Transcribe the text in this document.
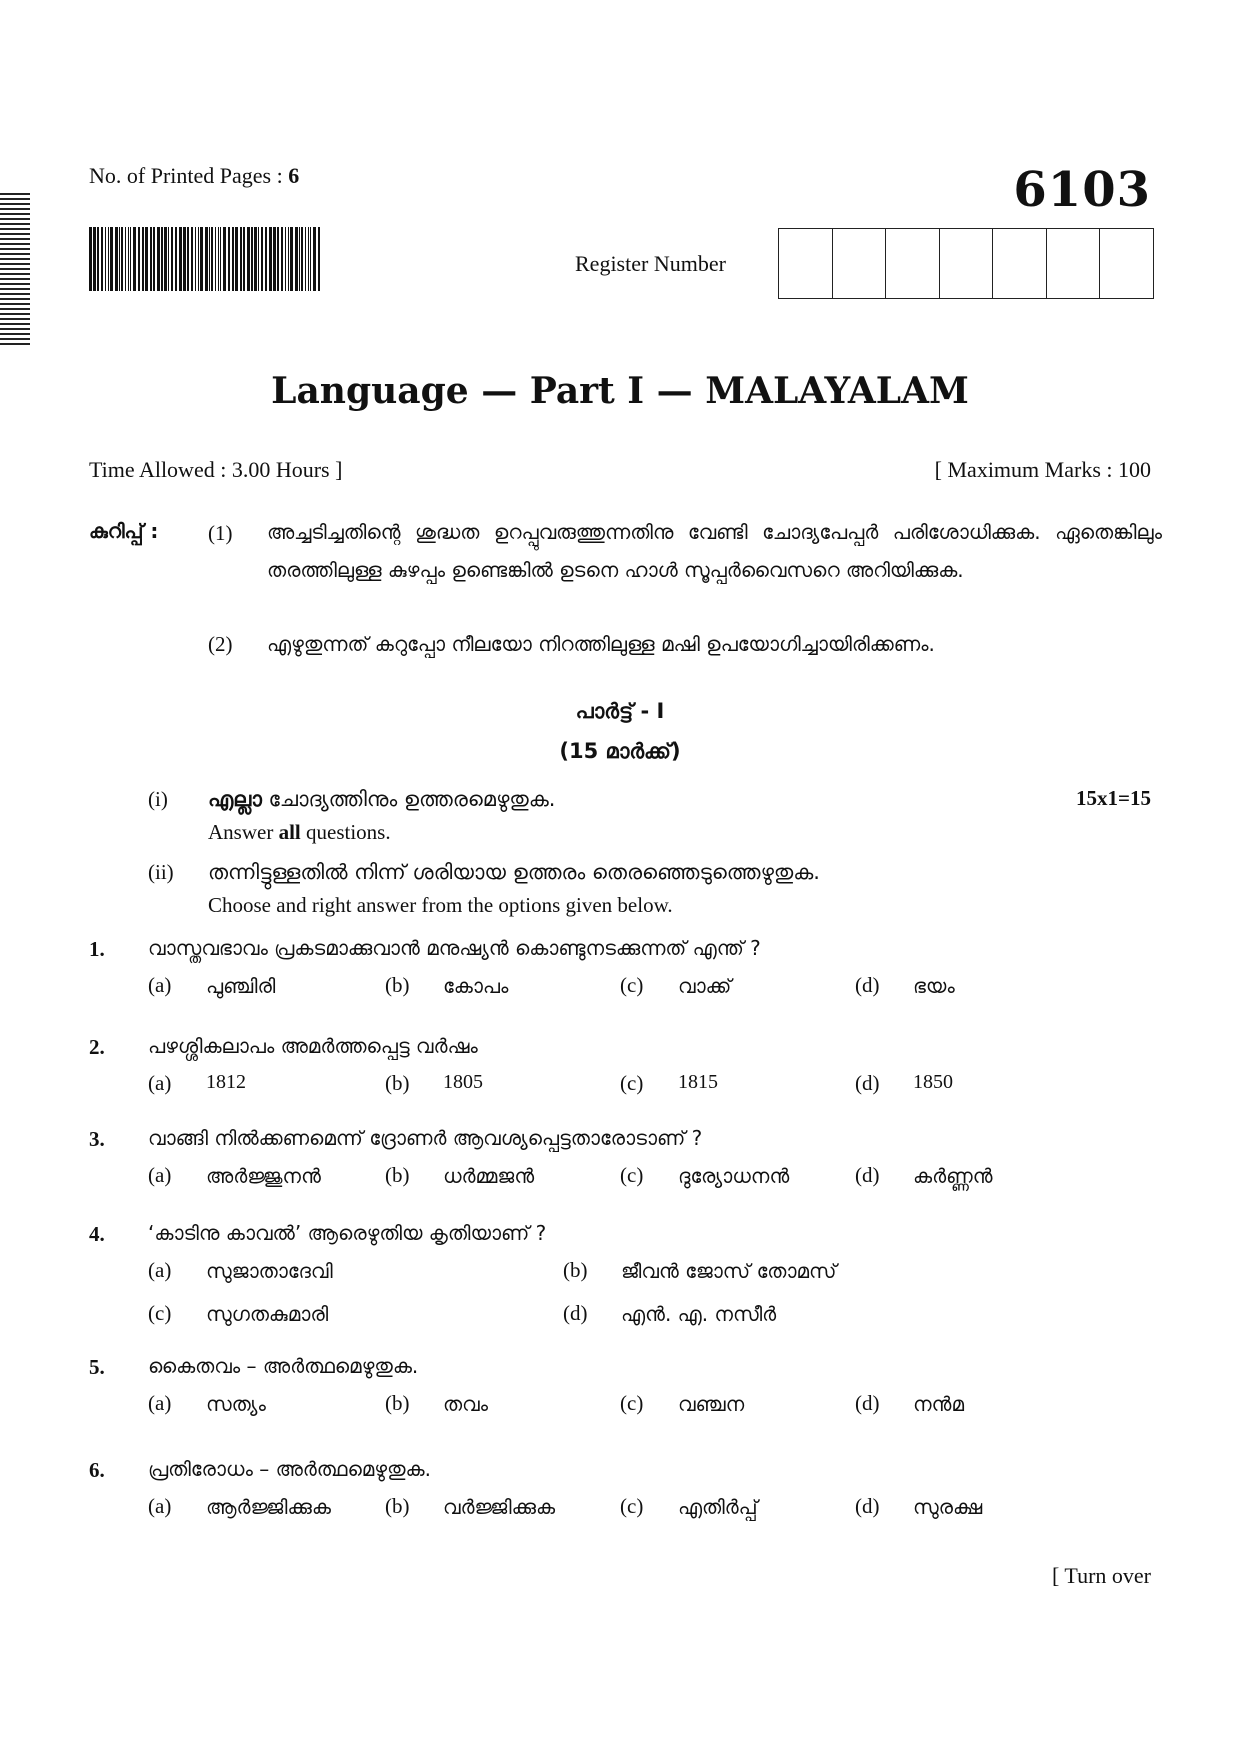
No. of Printed Pages : 6	6103
Register Number
Language — Part I — MALAYALAM
Time Allowed : 3.00 Hours ]	[ Maximum Marks : 100
കുറിപ്പ് : (1) അച്ചടിച്ചതിന്റെ ശുദ്ധത ഉറപ്പുവരുത്തുന്നതിനു വേണ്ടി ചോദ്യപേപ്പർ പരിശോധിക്കുക. ഏതെങ്കിലും തരത്തിലുള്ള കുഴപ്പം ഉണ്ടെങ്കിൽ ഉടനെ ഹാൾ സൂപ്പർവൈസറെ അറിയിക്കുക.
(2) എഴുതുന്നത് കറുപ്പോ നീലയോ നിറത്തിലുള്ള മഷി ഉപയോഗിച്ചായിരിക്കണം.
പാർട്ട് - I
(15 മാർക്ക്)
(i) എല്ലാ ചോദ്യത്തിനും ഉത്തരമെഴുതുക.
Answer all questions.
15x1=15
(ii) തന്നിട്ടുള്ളതിൽ നിന്ന് ശരിയായ ഉത്തരം തെരഞ്ഞെടുത്തെഴുതുക.
Choose and right answer from the options given below.
1. വാസ്തവഭാവം പ്രകടമാക്കുവാൻ മനുഷ്യൻ കൊണ്ടുനടക്കുന്നത് എന്ത് ?
(a) പുഞ്ചിരി	(b) കോപം	(c) വാക്ക്	(d) ഭയം
2. പഴശ്ശികലാപം അമർത്തപ്പെട്ട വർഷം
(a) 1812	(b) 1805	(c) 1815	(d) 1850
3. വാങ്ങി നിൽക്കണമെന്ന് ദ്രോണർ ആവശ്യപ്പെട്ടതാരോടാണ് ?
(a) അർജ്ജുനൻ	(b) ധർമ്മജൻ	(c) ദുര്യോധനൻ	(d) കർണ്ണൻ
4. ‘കാടിനു കാവൽ’ ആരെഴുതിയ കൃതിയാണ് ?
(a) സുജാതാദേവി	(b) ജീവൻ ജോസ് തോമസ്
(c) സുഗതകുമാരി	(d) എൻ. എ. നസീർ
5. കൈതവം – അർത്ഥമെഴുതുക.
(a) സത്യം	(b) തവം	(c) വഞ്ചന	(d) നൻമ
6. പ്രതിരോധം – അർത്ഥമെഴുതുക.
(a) ആർജ്ജിക്കുക	(b) വർജ്ജിക്കുക	(c) എതിർപ്പ്	(d) സുരക്ഷ
[ Turn over
